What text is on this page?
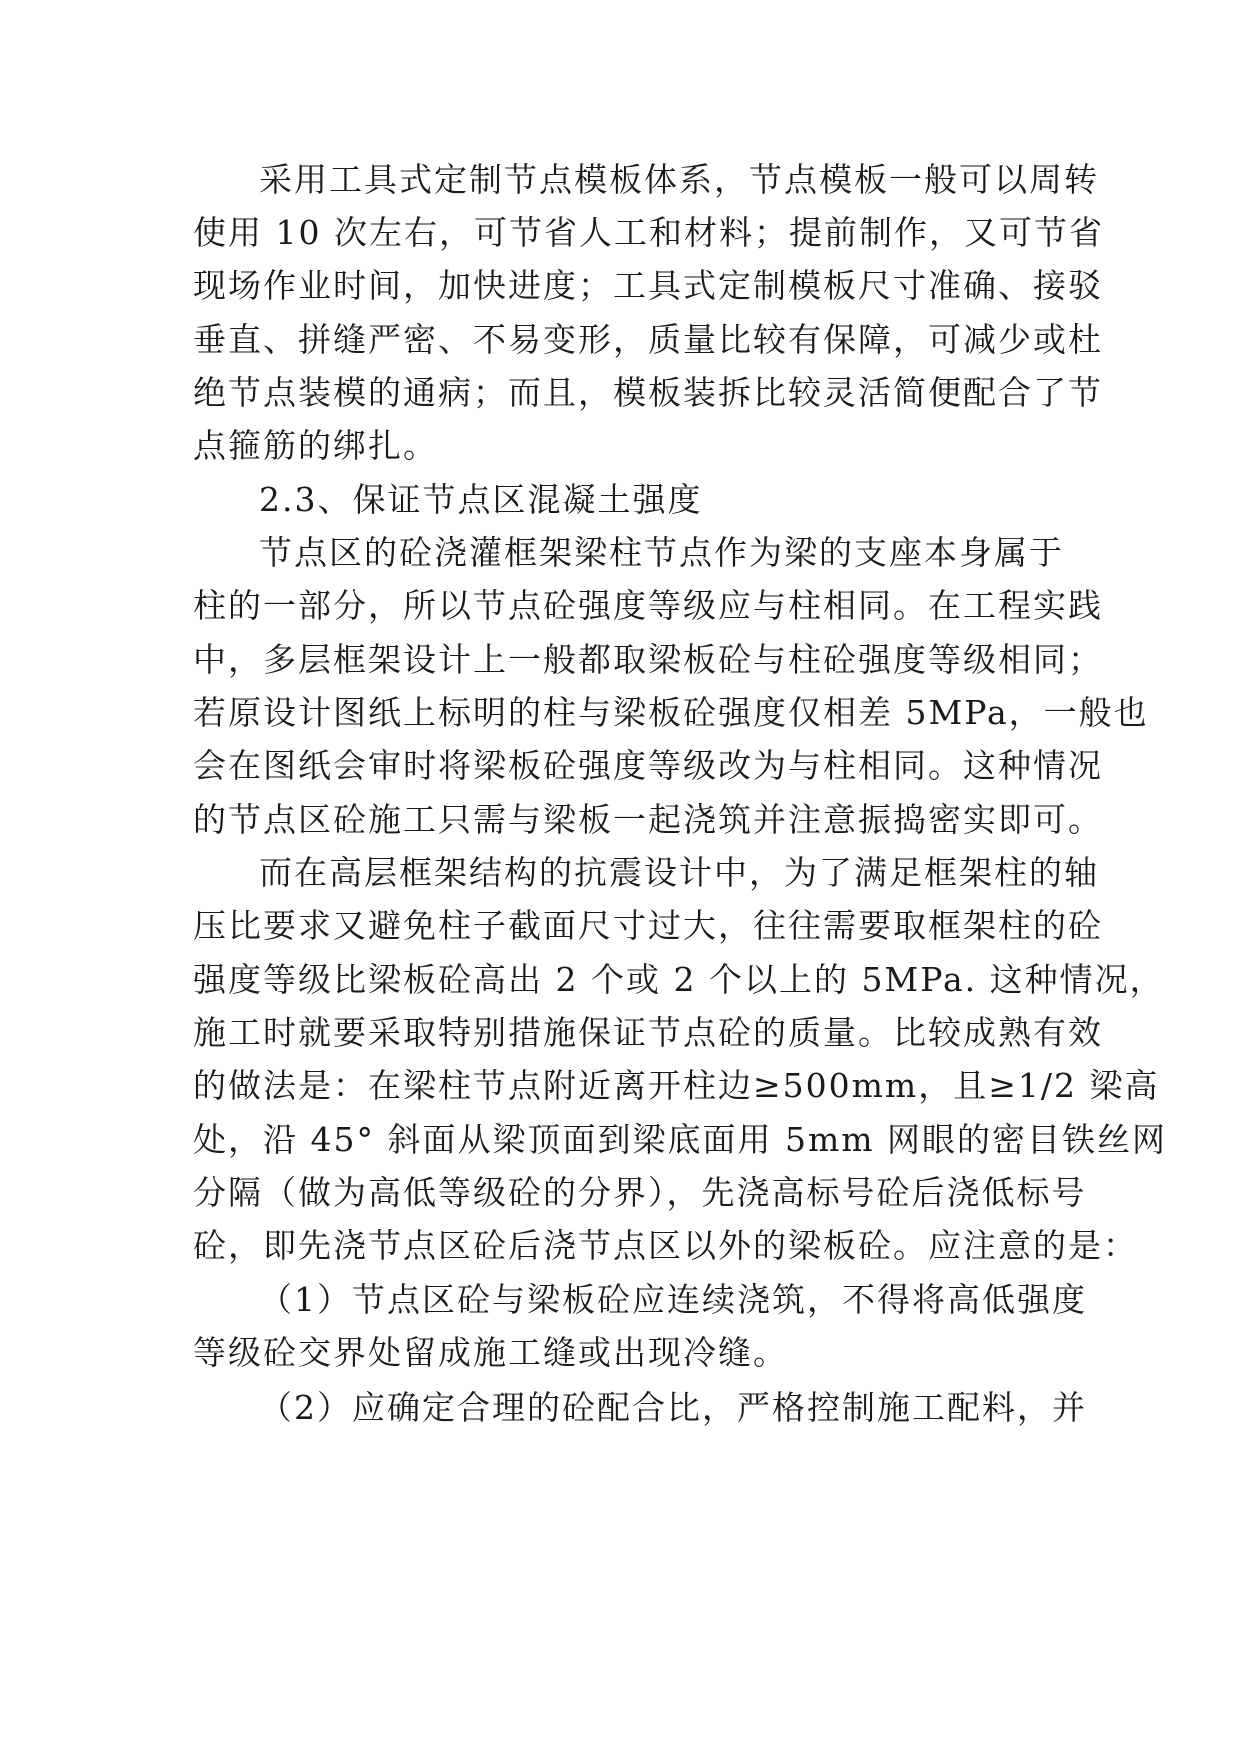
采用工具式定制节点模板体系，节点模板一般可以周转
使用 10 次左右，可节省人工和材料；提前制作，又可节省
现场作业时间，加快进度；工具式定制模板尺寸准确、接驳
垂直、拼缝严密、不易变形，质量比较有保障，可减少或杜
绝节点装模的通病；而且，模板装拆比较灵活简便配合了节
点箍筋的绑扎。
2.3、保证节点区混凝土强度
节点区的砼浇灌框架梁柱节点作为梁的支座本身属于
柱的一部分，所以节点砼强度等级应与柱相同。在工程实践
中，多层框架设计上一般都取梁板砼与柱砼强度等级相同；
若原设计图纸上标明的柱与梁板砼强度仅相差 5MPa，一般也
会在图纸会审时将梁板砼强度等级改为与柱相同。这种情况
的节点区砼施工只需与梁板一起浇筑并注意振捣密实即可。
而在高层框架结构的抗震设计中，为了满足框架柱的轴
压比要求又避免柱子截面尺寸过大，往往需要取框架柱的砼
强度等级比梁板砼高出 2 个或 2 个以上的 5MPa. 这种情况，
施工时就要采取特别措施保证节点砼的质量。比较成熟有效
的做法是：在梁柱节点附近离开柱边≥500mm，且≥1/2 梁高
处，沿 45° 斜面从梁顶面到梁底面用 5mm 网眼的密目铁丝网
分隔（做为高低等级砼的分界），先浇高标号砼后浇低标号
砼，即先浇节点区砼后浇节点区以外的梁板砼。应注意的是：
（1）节点区砼与梁板砼应连续浇筑，不得将高低强度
等级砼交界处留成施工缝或出现冷缝。
（2）应确定合理的砼配合比，严格控制施工配料，并
